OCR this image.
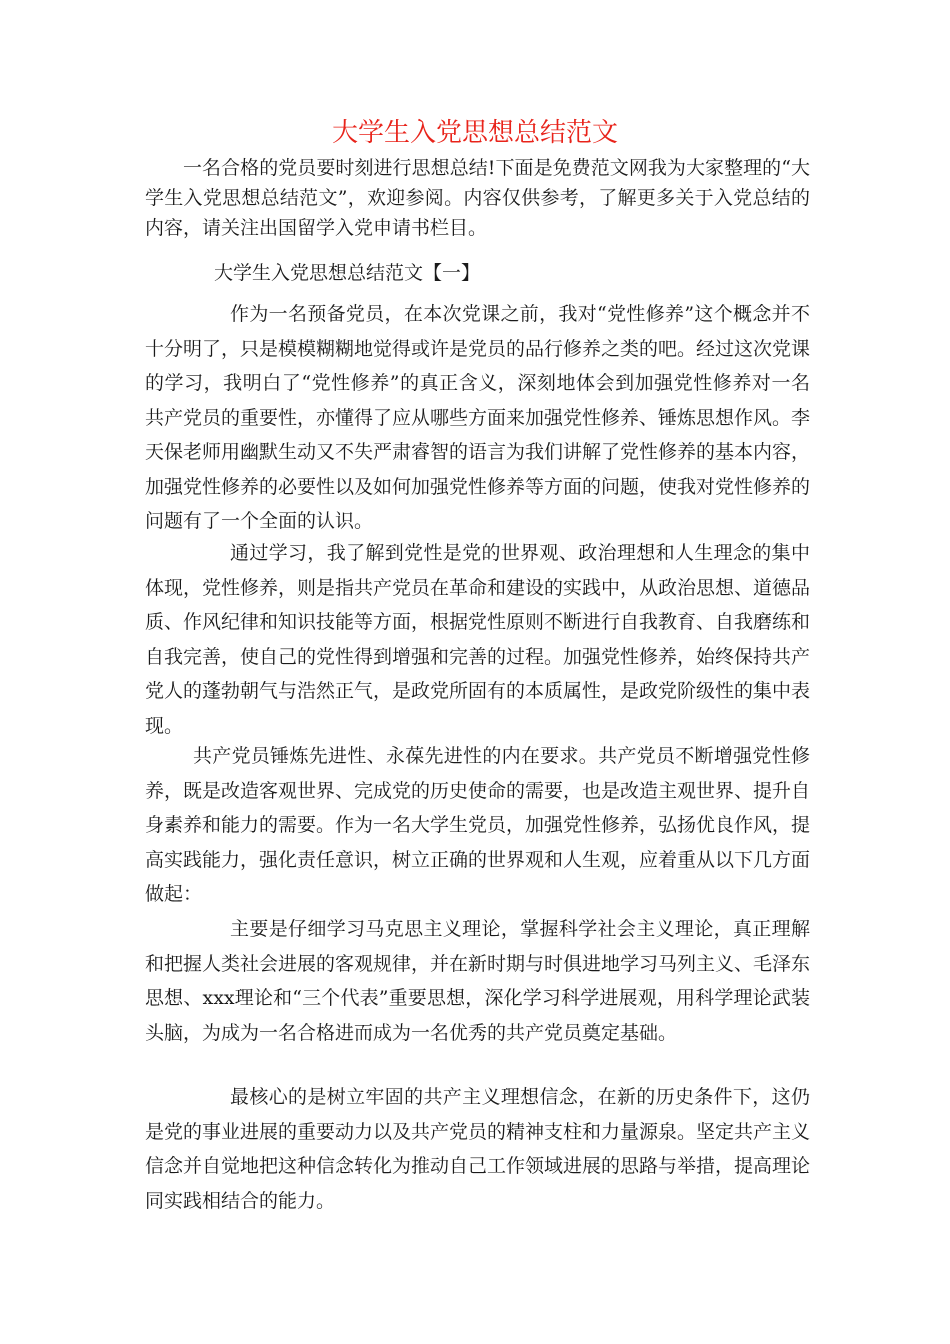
大学生入党思想总结范文

一名合格的党员要时刻进行思想总结!下面是免费范文网我为大家整理的“大学生入党思想总结范文”，欢迎参阅。内容仅供参考，了解更多关于入党总结的内容，请关注出国留学入党申请书栏目。

大学生入党思想总结范文【一】

作为一名预备党员，在本次党课之前，我对“党性修养”这个概念并不十分明了，只是模模糊糊地觉得或许是党员的品行修养之类的吧。经过这次党课的学习，我明白了“党性修养”的真正含义，深刻地体会到加强党性修养对一名共产党员的重要性，亦懂得了应从哪些方面来加强党性修养、锤炼思想作风。李天保老师用幽默生动又不失严肃睿智的语言为我们讲解了党性修养的基本内容，加强党性修养的必要性以及如何加强党性修养等方面的问题，使我对党性修养的问题有了一个全面的认识。

通过学习，我了解到党性是党的世界观、政治理想和人生理念的集中体现，党性修养，则是指共产党员在革命和建设的实践中，从政治思想、道德品质、作风纪律和知识技能等方面，根据党性原则不断进行自我教育、自我磨练和自我完善，使自己的党性得到增强和完善的过程。加强党性修养，始终保持共产党人的蓬勃朝气与浩然正气，是政党所固有的本质属性，是政党阶级性的集中表现。

共产党员锤炼先进性、永葆先进性的内在要求。共产党员不断增强党性修养，既是改造客观世界、完成党的历史使命的需要，也是改造主观世界、提升自身素养和能力的需要。作为一名大学生党员，加强党性修养，弘扬优良作风，提高实践能力，强化责任意识，树立正确的世界观和人生观，应着重从以下几方面做起：

主要是仔细学习马克思主义理论，掌握科学社会主义理论，真正理解和把握人类社会进展的客观规律，并在新时期与时俱进地学习马列主义、毛泽东思想、xxx理论和“三个代表”重要思想，深化学习科学进展观，用科学理论武装头脑，为成为一名合格进而成为一名优秀的共产党员奠定基础。

最核心的是树立牢固的共产主义理想信念，在新的历史条件下，这仍是党的事业进展的重要动力以及共产党员的精神支柱和力量源泉。坚定共产主义信念并自觉地把这种信念转化为推动自己工作领域进展的思路与举措，提高理论同实践相结合的能力。
